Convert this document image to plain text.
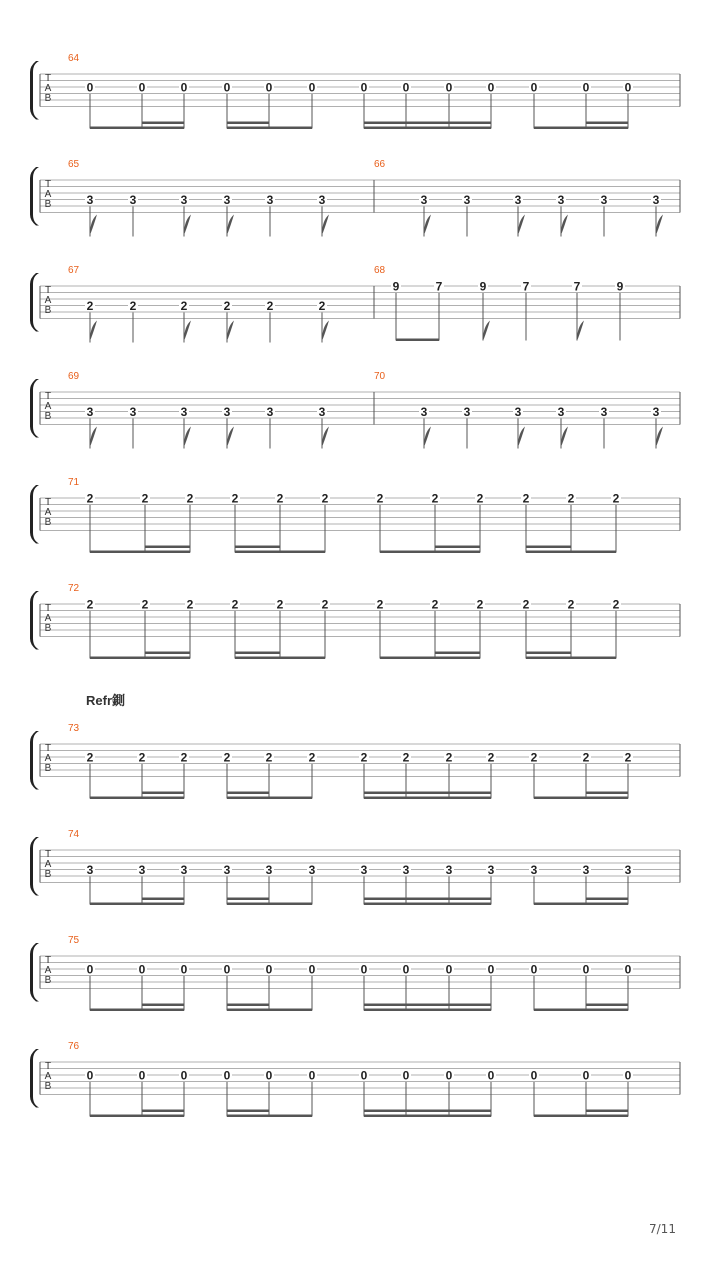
T
A
B
64
0	0	0	0	0	0	0	0	0	0	0	0	0
T
A
B
65
3	3	3	3	3	3
66
3	3	3	3	3	3
T
A
B
67
2	2	2	2	2	2
68
9	7	9	7	7	9
T
A
B
69
3	3	3	3	3	3
70
3	3	3	3	3	3
T
A
B
71
2	2	2	2	2	2	2	2	2	2	2	2
T
A
B
72
2	2	2	2	2	2	2	2	2	2	2	2
T
A
B
73
2	2	2	2	2	2	2	2	2	2	2	2	2
T
A
B
74
3	3	3	3	3	3	3	3	3	3	3	3	3
T
A
B
75
0	0	0	0	0	0	0	0	0	0	0	0	0
T
A
B
76
0	0	0	0	0	0	0	0	0	0	0	0	0
Refr鍘
7/11
